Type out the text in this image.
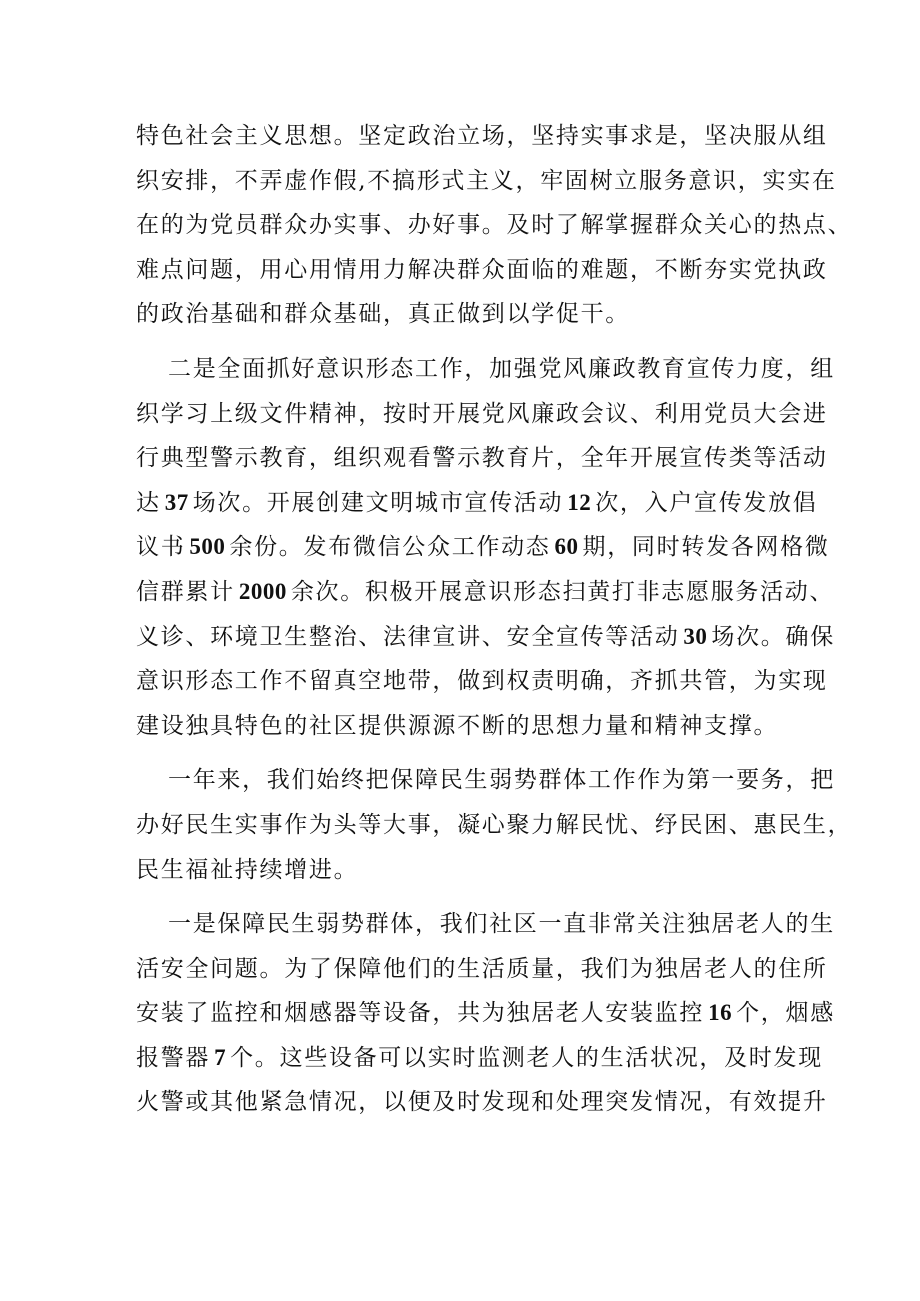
特色社会主义思想。坚定政治立场，坚持实事求是，坚决服从组
织安排，不弄虚作假,不搞形式主义，牢固树立服务意识，实实在
在的为党员群众办实事、办好事。及时了解掌握群众关心的热点、
难点问题，用心用情用力解决群众面临的难题，不断夯实党执政
的政治基础和群众基础，真正做到以学促干。
二是全面抓好意识形态工作，加强党风廉政教育宣传力度，组
织学习上级文件精神，按时开展党风廉政会议、利用党员大会进
行典型警示教育，组织观看警示教育片，全年开展宣传类等活动
达 37 场次。开展创建文明城市宣传活动 12 次，入户宣传发放倡
议书 500 余份。发布微信公众工作动态 60 期，同时转发各网格微
信群累计 2000 余次。积极开展意识形态扫黄打非志愿服务活动、
义诊、环境卫生整治、法律宣讲、安全宣传等活动 30 场次。确保
意识形态工作不留真空地带，做到权责明确，齐抓共管，为实现
建设独具特色的社区提供源源不断的思想力量和精神支撑。
一年来，我们始终把保障民生弱势群体工作作为第一要务，把
办好民生实事作为头等大事，凝心聚力解民忧、纾民困、惠民生，
民生福祉持续增进。
一是保障民生弱势群体，我们社区一直非常关注独居老人的生
活安全问题。为了保障他们的生活质量，我们为独居老人的住所
安装了监控和烟感器等设备，共为独居老人安装监控 16 个，烟感
报警器 7 个。这些设备可以实时监测老人的生活状况，及时发现
火警或其他紧急情况，以便及时发现和处理突发情况，有效提升
